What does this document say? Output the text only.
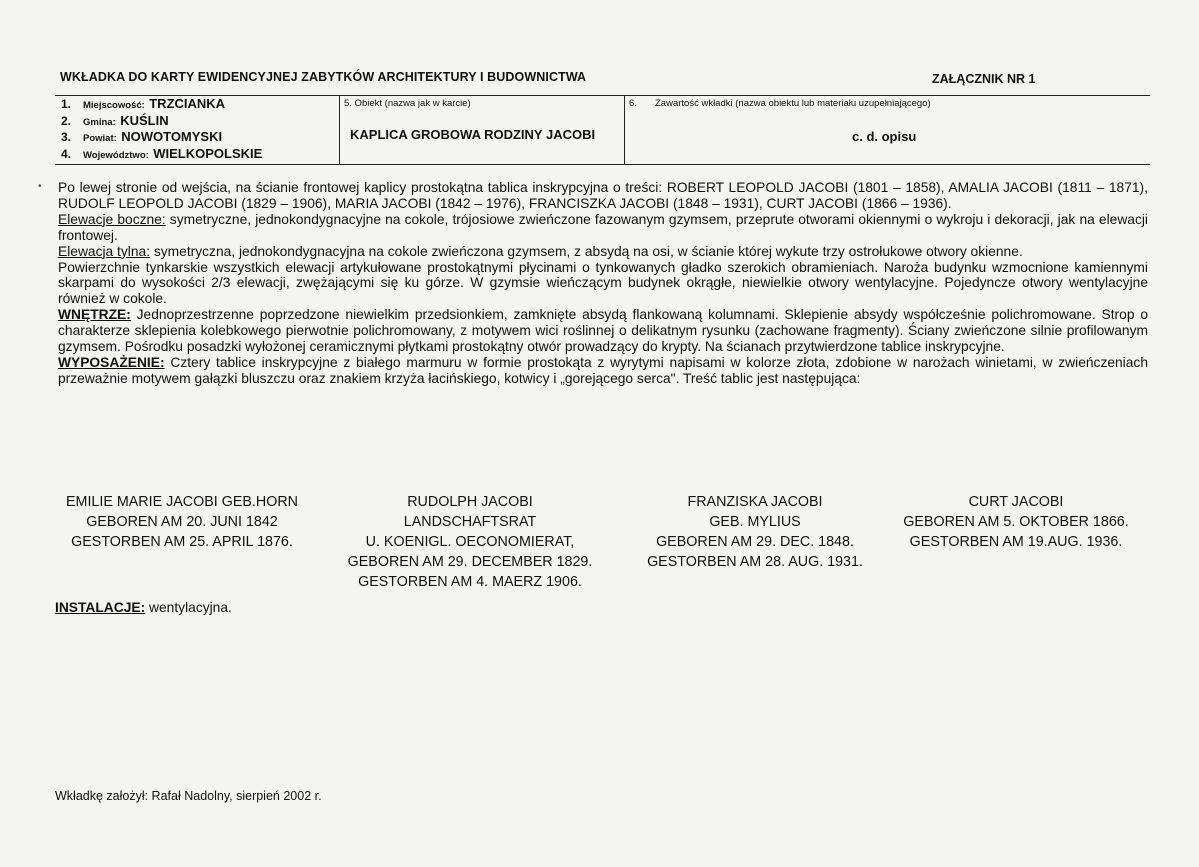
WKŁADKA DO KARTY EWIDENCYJNEJ ZABYTKÓW ARCHITEKTURY I BUDOWNICTWA	ZAŁĄCZNIK NR 1
1. Miejscowość: TRZCIANKA
2. Gmina: KUŚLIN
3. Powiat: NOWOTOMYSKI
4. Województwo: WIELKOPOLSKIE
5. Obiekt (nazwa jak w karcie)
KAPLICA GROBOWA RODZINY JACOBI
6. Zawartość wkładki (nazwa obiektu lub materiału uzupełniającego)
c. d. opisu
• Po lewej stronie od wejścia, na ścianie frontowej kaplicy prostokątna tablica inskrypcyjna o treści: ROBERT LEOPOLD JACOBI (1801 – 1858), AMALIA JACOBI (1811 – 1871), RUDOLF LEOPOLD JACOBI (1829 – 1906), MARIA JACOBI (1842 – 1976), FRANCISZKA JACOBI (1848 – 1931), CURT JACOBI (1866 – 1936).

Elewacje boczne: symetryczne, jednokondygnacyjne na cokole, trójosiowe zwieńczone fazowanym gzymsem, przeprute otworami okiennymi o wykroju i dekoracji, jak na elewacji frontowej.

Elewacja tylna: symetryczna, jednokondygnacyjna na cokole zwieńczona gzymsem, z absydą na osi, w ścianie której wykute trzy ostrołukowe otwory okienne.

Powierzchnie tynkarskie wszystkich elewacji artykułowane prostokątnymi płycinami o tynkowanych gładko szerokich obramieniach. Naroża budynku wzmocnione kamiennymi skarpami do wysokości 2/3 elewacji, zwężającymi się ku górze. W gzymsie wieńczącym budynek okrągłe, niewielkie otwory wentylacyjne. Pojedyncze otwory wentylacyjne również w cokole.

WNĘTRZE: Jednoprzestrzenne poprzedzone niewielkim przedsionkiem, zamknięte absydą flankowaną kolumnami. Sklepienie absydy współcześnie polichromowane. Strop o charakterze sklepienia kolebkowego pierwotnie polichromowany, z motywem wici roślinnej o delikatnym rysunku (zachowane fragmenty). Ściany zwieńczone silnie profilowanym gzymsem. Pośrodku posadzki wyłożonej ceramicznymi płytkami prostokątny otwór prowadzący do krypty. Na ścianach przytwierdzone tablice inskrypcyjne.

WYPOSAŻENIE: Cztery tablice inskrypcyjne z białego marmuru w formie prostokąta z wyrytymi napisami w kolorze złota, zdobione w narożach winietami, w zwieńczeniach przeważnie motywem gałązki bluszczu oraz znakiem krzyża łacińskiego, kotwicy i „gorejącego serca". Treść tablic jest następująca:

EMILIE MARIE JACOBI GEB.HORN
GEBOREN AM 20. JUNI 1842
GESTORBEN AM 25. APRIL 1876.
RUDOLPH JACOBI
LANDSCHAFTSRAT
U. KOENIGL. OECONOMIERAT,
GEBOREN AM 29. DECEMBER 1829.
GESTORBEN AM 4. MAERZ 1906.
FRANZISKA JACOBI
GEB. MYLIUS
GEBOREN AM 29. DEC. 1848.
GESTORBEN AM 28. AUG. 1931.
CURT JACOBI
GEBOREN AM 5. OKTOBER 1866.
GESTORBEN AM 19.AUG. 1936.
INSTALACJE: wentylacyjna.
Wkładkę założył: Rafał Nadolny, sierpień 2002 r.
